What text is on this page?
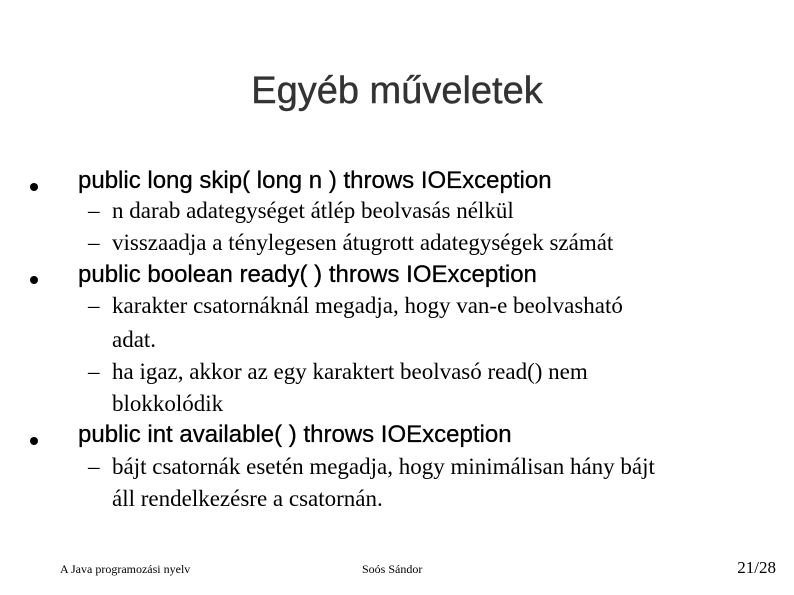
Egyéb műveletek
public long skip( long n ) throws IOException
– n darab adategységet átlép beolvasás nélkül
– visszaadja a ténylegesen átugrott adategységek számát
public boolean ready( ) throws IOException
– karakter csatornáknál megadja, hogy van-e beolvasható
adat.
– ha igaz, akkor az egy karaktert beolvasó read() nem
blokkolódik
public int available( ) throws IOException
– bájt csatornák esetén megadja, hogy minimálisan hány bájt
áll rendelkezésre a csatornán.
A Java programozási nyelv	Soós Sándor	21/28
